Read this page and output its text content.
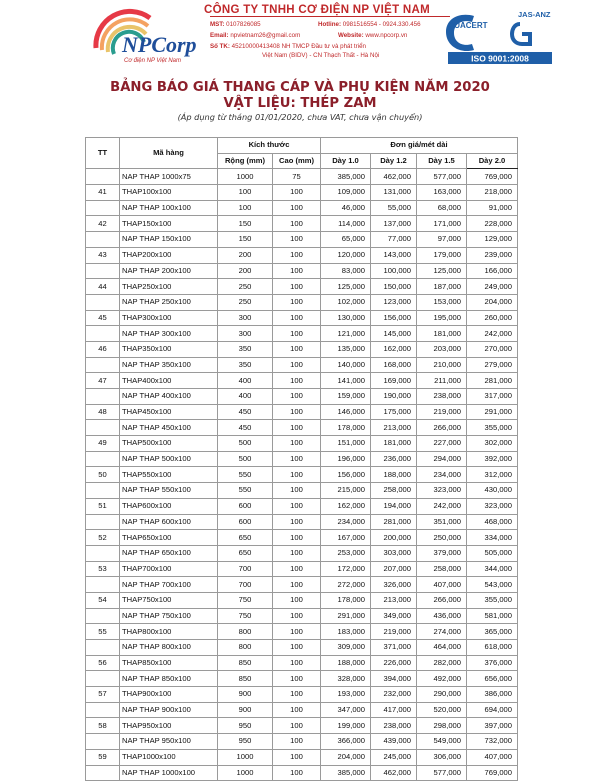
NPCorp
Cơ điện NP Việt Nam
CÔNG TY TNHH CƠ ĐIỆN NP VIỆT NAM
MST: 0107826085	Hotline: 0981516554 - 0924.330.456
Email: npvietnam26@gmail.com	Website: www.npcorp.vn
Số TK: 45210000413408 NH TMCP Đầu tư và phát triển
Việt Nam (BIDV) - CN Thạch Thất - Hà Nội
QUACERT
JAS-ANZ
ISO 9001:2008
BẢNG BÁO GIÁ THANG CÁP VÀ PHỤ KIỆN NĂM 2020
VẬT LIỆU: THÉP ZAM
(Áp dụng từ tháng 01/01/2020, chưa VAT, chưa vận chuyển)
TT	Mã hàng	Kích thước		Đơn giá/mét dài			
		Rộng (mm)	Cao (mm)	Dày 1.0	Dày 1.2	Dày 1.5	Dày 2.0
	NAP THAP 1000x75	1000	75	385,000	462,000	577,000	769,000
41	THAP100x100	100	100	109,000	131,000	163,000	218,000
	NAP THAP 100x100	100	100	46,000	55,000	68,000	91,000
42	THAP150x100	150	100	114,000	137,000	171,000	228,000
	NAP THAP 150x100	150	100	65,000	77,000	97,000	129,000
43	THAP200x100	200	100	120,000	143,000	179,000	239,000
	NAP THAP 200x100	200	100	83,000	100,000	125,000	166,000
44	THAP250x100	250	100	125,000	150,000	187,000	249,000
	NAP THAP 250x100	250	100	102,000	123,000	153,000	204,000
45	THAP300x100	300	100	130,000	156,000	195,000	260,000
	NAP THAP 300x100	300	100	121,000	145,000	181,000	242,000
46	THAP350x100	350	100	135,000	162,000	203,000	270,000
	NAP THAP 350x100	350	100	140,000	168,000	210,000	279,000
47	THAP400x100	400	100	141,000	169,000	211,000	281,000
	NAP THAP 400x100	400	100	159,000	190,000	238,000	317,000
48	THAP450x100	450	100	146,000	175,000	219,000	291,000
	NAP THAP 450x100	450	100	178,000	213,000	266,000	355,000
49	THAP500x100	500	100	151,000	181,000	227,000	302,000
	NAP THAP 500x100	500	100	196,000	236,000	294,000	392,000
50	THAP550x100	550	100	156,000	188,000	234,000	312,000
	NAP THAP 550x100	550	100	215,000	258,000	323,000	430,000
51	THAP600x100	600	100	162,000	194,000	242,000	323,000
	NAP THAP 600x100	600	100	234,000	281,000	351,000	468,000
52	THAP650x100	650	100	167,000	200,000	250,000	334,000
	NAP THAP 650x100	650	100	253,000	303,000	379,000	505,000
53	THAP700x100	700	100	172,000	207,000	258,000	344,000
	NAP THAP 700x100	700	100	272,000	326,000	407,000	543,000
54	THAP750x100	750	100	178,000	213,000	266,000	355,000
	NAP THAP 750x100	750	100	291,000	349,000	436,000	581,000
55	THAP800x100	800	100	183,000	219,000	274,000	365,000
	NAP THAP 800x100	800	100	309,000	371,000	464,000	618,000
56	THAP850x100	850	100	188,000	226,000	282,000	376,000
	NAP THAP 850x100	850	100	328,000	394,000	492,000	656,000
57	THAP900x100	900	100	193,000	232,000	290,000	386,000
	NAP THAP 900x100	900	100	347,000	417,000	520,000	694,000
58	THAP950x100	950	100	199,000	238,000	298,000	397,000
	NAP THAP 950x100	950	100	366,000	439,000	549,000	732,000
59	THAP1000x100	1000	100	204,000	245,000	306,000	407,000
	NAP THAP 1000x100	1000	100	385,000	462,000	577,000	769,000
